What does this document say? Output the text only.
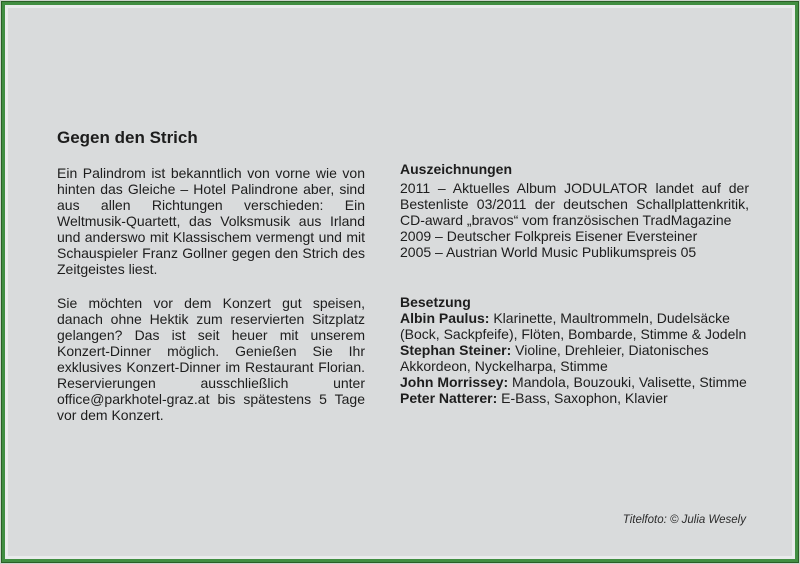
Gegen den Strich

Ein Palindrom ist bekanntlich von vorne wie von hinten das Gleiche – Hotel Palindrone aber, sind aus allen Richtungen verschieden: Ein Weltmusik-Quartett, das Volksmusik aus Irland und anderswo mit Klassischem vermengt und mit Schauspieler Franz Gollner gegen den Strich des Zeitgeistes liest.

Sie möchten vor dem Konzert gut speisen, danach ohne Hektik zum reservierten Sitzplatz gelangen? Das ist seit heuer mit unserem Konzert-Dinner möglich. Genießen Sie Ihr exklusives Konzert-Dinner im Restaurant Florian. Reservierungen ausschließlich unter office@parkhotel-graz.at bis spätestens 5 Tage vor dem Konzert.

Auszeichnungen
2011 – Aktuelles Album JODULATOR landet auf der Bestenliste 03/2011 der deutschen Schallplattenkritik, CD-award „bravos“ vom französischen TradMagazine
2009 – Deutscher Folkpreis Eisener Eversteiner
2005 – Austrian World Music Publikumspreis 05
Besetzung
Albin Paulus: Klarinette, Maultrommeln, Dudelsäcke (Bock, Sackpfeife), Flöten, Bombarde, Stimme & Jodeln
Stephan Steiner: Violine, Drehleier, Diatonisches Akkordeon, Nyckelharpa, Stimme
John Morrissey: Mandola, Bouzouki, Valisette, Stimme
Peter Natterer: E-Bass, Saxophon, Klavier
Titelfoto: © Julia Wesely
